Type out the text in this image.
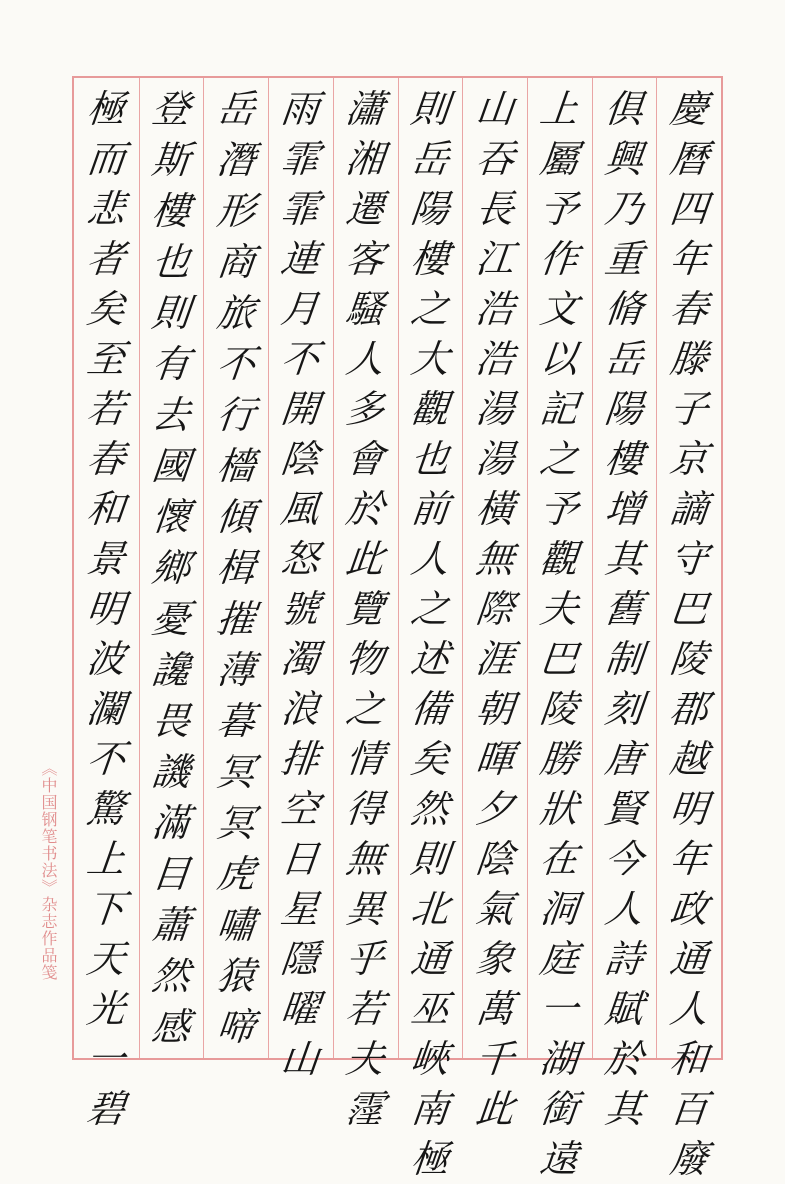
慶
曆
四
年
春
滕
子
京
謫
守
巴
陵
郡
越
明
年
政
通
人
和
百
廢
俱
興
乃
重
脩
岳
陽
樓
增
其
舊
制
刻
唐
賢
今
人
詩
賦
於
其
上
屬
予
作
文
以
記
之
予
觀
夫
巴
陵
勝
狀
在
洞
庭
一
湖
銜
遠
山
吞
長
江
浩
浩
湯
湯
橫
無
際
涯
朝
暉
夕
陰
氣
象
萬
千
此
則
岳
陽
樓
之
大
觀
也
前
人
之
述
備
矣
然
則
北
通
巫
峽
南
極
瀟
湘
遷
客
騷
人
多
會
於
此
覽
物
之
情
得
無
異
乎
若
夫
霪
雨
霏
霏
連
月
不
開
陰
風
怒
號
濁
浪
排
空
日
星
隱
曜
山
岳
潛
形
商
旅
不
行
檣
傾
楫
摧
薄
暮
冥
冥
虎
嘯
猿
啼
登
斯
樓
也
則
有
去
國
懷
鄉
憂
讒
畏
譏
滿
目
蕭
然
感
極
而
悲
者
矣
至
若
春
和
景
明
波
瀾
不
驚
上
下
天
光
一
碧
《中国钢笔书法》杂志作品笺
